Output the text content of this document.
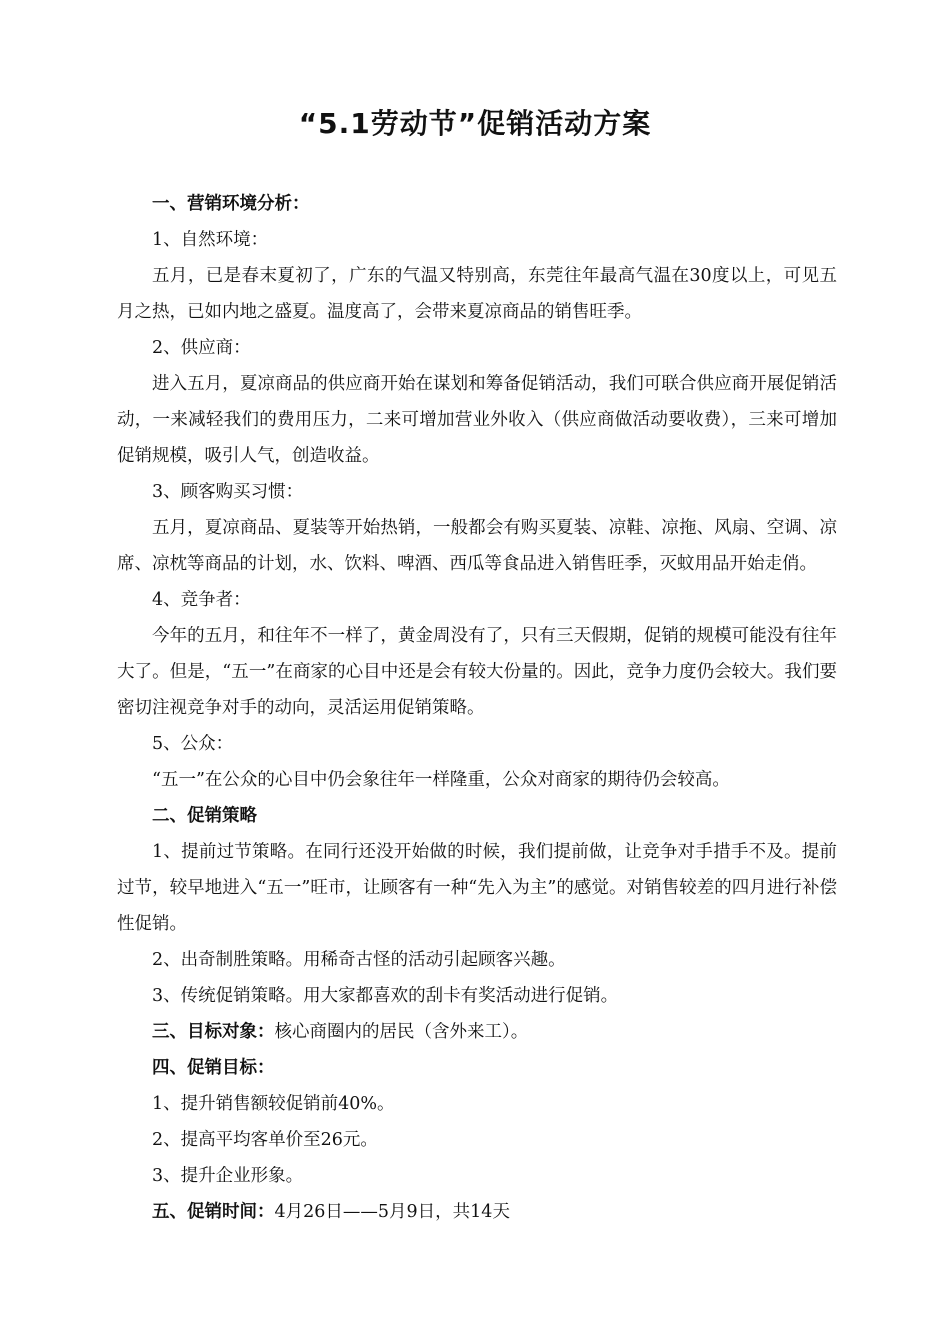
“5.1劳动节”促销活动方案

一、营销环境分析：

1、自然环境：

五月，已是春末夏初了，广东的气温又特别高，东莞往年最高气温在30度以上，可见五月之热，已如内地之盛夏。温度高了，会带来夏凉商品的销售旺季。

2、供应商：

进入五月，夏凉商品的供应商开始在谋划和筹备促销活动，我们可联合供应商开展促销活动，一来减轻我们的费用压力，二来可增加营业外收入（供应商做活动要收费），三来可增加促销规模，吸引人气，创造收益。

3、顾客购买习惯：

五月，夏凉商品、夏装等开始热销，一般都会有购买夏装、凉鞋、凉拖、风扇、空调、凉席、凉枕等商品的计划，水、饮料、啤酒、西瓜等食品进入销售旺季，灭蚊用品开始走俏。

4、竞争者：

今年的五月，和往年不一样了，黄金周没有了，只有三天假期，促销的规模可能没有往年大了。但是，“五一”在商家的心目中还是会有较大份量的。因此，竞争力度仍会较大。我们要密切注视竞争对手的动向，灵活运用促销策略。

5、公众：

“五一”在公众的心目中仍会象往年一样隆重，公众对商家的期待仍会较高。

二、促销策略

1、提前过节策略。在同行还没开始做的时候，我们提前做，让竞争对手措手不及。提前过节，较早地进入“五一”旺市，让顾客有一种“先入为主”的感觉。对销售较差的四月进行补偿性促销。

2、出奇制胜策略。用稀奇古怪的活动引起顾客兴趣。

3、传统促销策略。用大家都喜欢的刮卡有奖活动进行促销。

三、目标对象：核心商圈内的居民（含外来工）。

四、促销目标：

1、提升销售额较促销前40%。

2、提高平均客单价至26元。

3、提升企业形象。

五、促销时间：4月26日——5月9日，共14天
